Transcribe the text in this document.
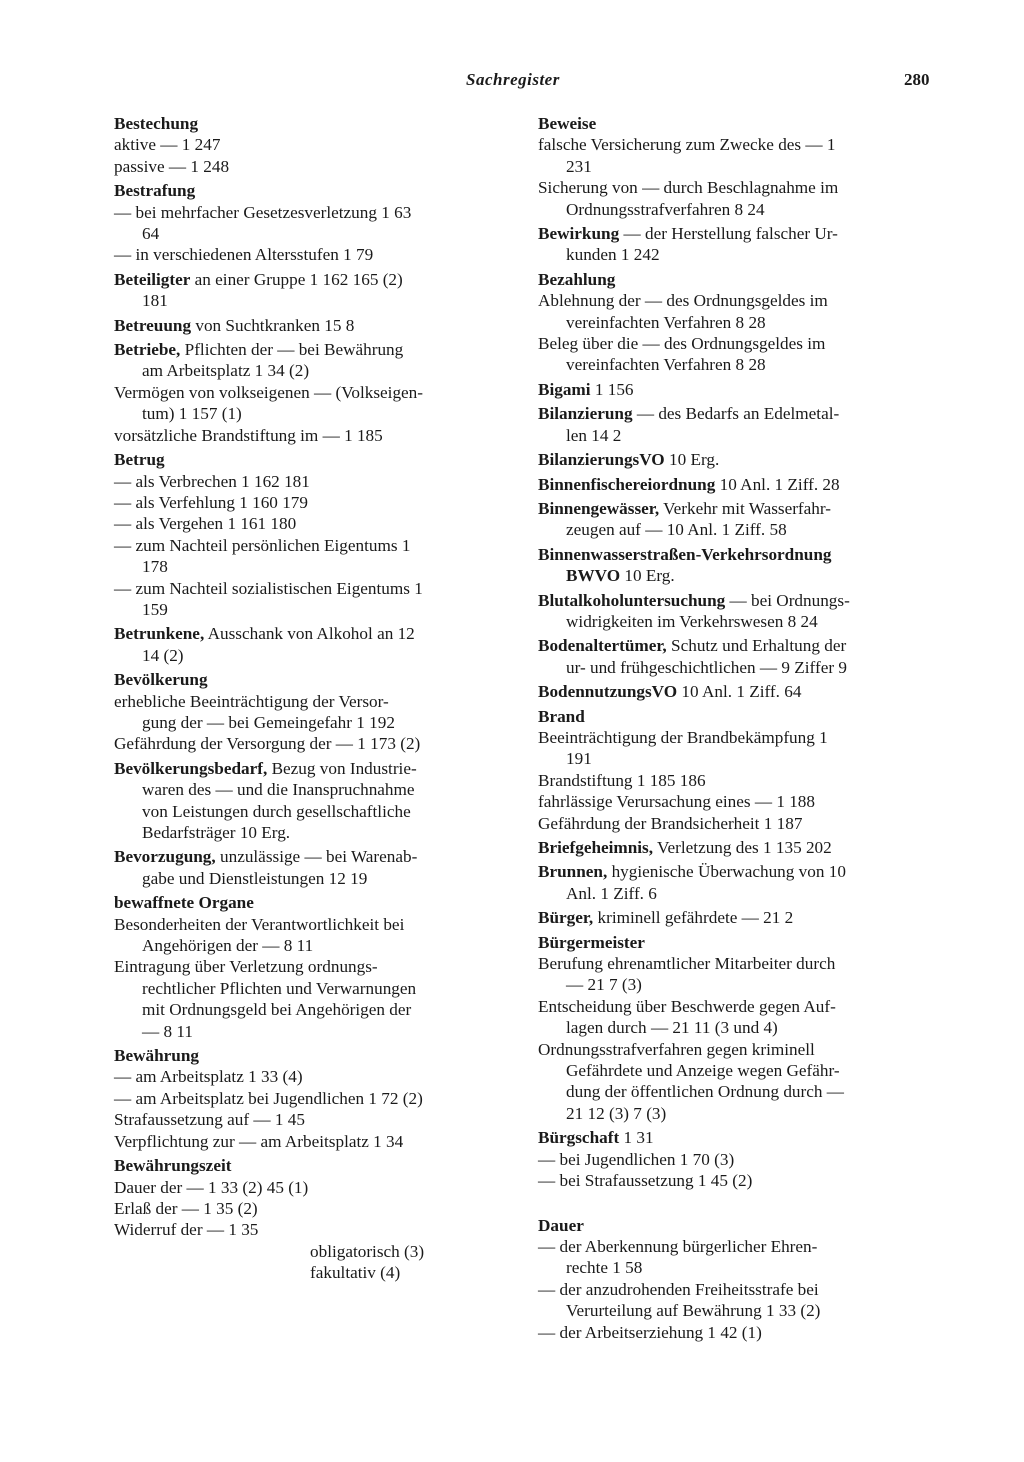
Sachregister	280
Bestechung
aktive — 1 247
passive — 1 248
Bestrafung
— bei mehrfacher Gesetzesverletzung 1 63
64
— in verschiedenen Altersstufen 1 79
Beteiligter an einer Gruppe 1 162 165 (2)
181
Betreuung von Suchtkranken 15 8
Betriebe, Pflichten der — bei Bewährung
am Arbeitsplatz 1 34 (2)
Vermögen von volkseigenen — (Volkseigen-
tum) 1 157 (1)
vorsätzliche Brandstiftung im — 1 185
Betrug
— als Verbrechen 1 162 181
— als Verfehlung 1 160 179
— als Vergehen 1 161 180
— zum Nachteil persönlichen Eigentums 1
178
— zum Nachteil sozialistischen Eigentums 1
159
Betrunkene, Ausschank von Alkohol an 12
14 (2)
Bevölkerung
erhebliche Beeinträchtigung der Versor-
gung der — bei Gemeingefahr 1 192
Gefährdung der Versorgung der — 1 173 (2)
Bevölkerungsbedarf, Bezug von Industrie-
waren des — und die Inanspruchnahme
von Leistungen durch gesellschaftliche
Bedarfsträger 10 Erg.
Bevorzugung, unzulässige — bei Warenab-
gabe und Dienstleistungen 12 19
bewaffnete Organe
Besonderheiten der Verantwortlichkeit bei
Angehörigen der — 8 11
Eintragung über Verletzung ordnungs-
rechtlicher Pflichten und Verwarnungen
mit Ordnungsgeld bei Angehörigen der
— 8 11
Bewährung
— am Arbeitsplatz 1 33 (4)
— am Arbeitsplatz bei Jugendlichen 1 72 (2)
Strafaussetzung auf — 1 45
Verpflichtung zur — am Arbeitsplatz 1 34
Bewährungszeit
Dauer der — 1 33 (2) 45 (1)
Erlaß der — 1 35 (2)
Widerruf der — 1 35
obligatorisch (3)
fakultativ (4)
Beweise
falsche Versicherung zum Zwecke des — 1
231
Sicherung von — durch Beschlagnahme im
Ordnungsstrafverfahren 8 24
Bewirkung — der Herstellung falscher Ur-
kunden 1 242
Bezahlung
Ablehnung der — des Ordnungsgeldes im
vereinfachten Verfahren 8 28
Beleg über die — des Ordnungsgeldes im
vereinfachten Verfahren 8 28
Bigami 1 156
Bilanzierung — des Bedarfs an Edelmetal-
len 14 2
BilanzierungsVO 10 Erg.
Binnenfischereiordnung 10 Anl. 1 Ziff. 28
Binnengewässer, Verkehr mit Wasserfahr-
zeugen auf — 10 Anl. 1 Ziff. 58
Binnenwasserstraßen-Verkehrsordnung
BWVO 10 Erg.
Blutalkoholuntersuchung — bei Ordnungs-
widrigkeiten im Verkehrswesen 8 24
Bodenaltertümer, Schutz und Erhaltung der
ur- und frühgeschichtlichen — 9 Ziffer 9
BodennutzungsVO 10 Anl. 1 Ziff. 64
Brand
Beeinträchtigung der Brandbekämpfung 1
191
Brandstiftung 1 185 186
fahrlässige Verursachung eines — 1 188
Gefährdung der Brandsicherheit 1 187
Briefgeheimnis, Verletzung des 1 135 202
Brunnen, hygienische Überwachung von 10
Anl. 1 Ziff. 6
Bürger, kriminell gefährdete — 21 2
Bürgermeister
Berufung ehrenamtlicher Mitarbeiter durch
— 21 7 (3)
Entscheidung über Beschwerde gegen Auf-
lagen durch — 21 11 (3 und 4)
Ordnungsstrafverfahren gegen kriminell
Gefährdete und Anzeige wegen Gefähr-
dung der öffentlichen Ordnung durch —
21 12 (3) 7 (3)
Bürgschaft 1 31
— bei Jugendlichen 1 70 (3)
— bei Strafaussetzung 1 45 (2)
Dauer
— der Aberkennung bürgerlicher Ehren-
rechte 1 58
— der anzudrohenden Freiheitsstrafe bei
Verurteilung auf Bewährung 1 33 (2)
— der Arbeitserziehung 1 42 (1)
